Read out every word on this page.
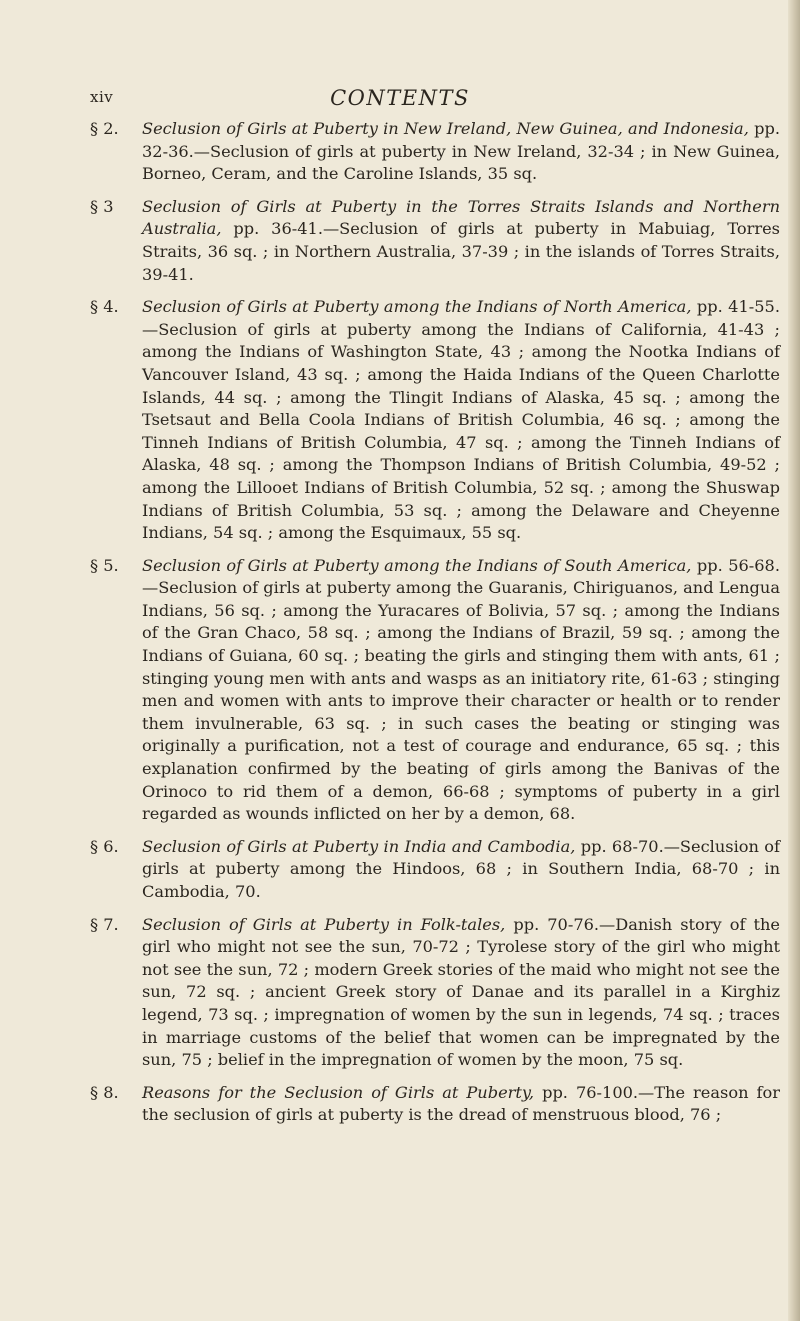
xiv	CONTENTS
§ 2.	Seclusion of Girls at Puberty in New Ireland, New Guinea, and Indonesia, pp. 32-36.—Seclusion of girls at puberty in New Ireland, 32-34 ; in New Guinea, Borneo, Ceram, and the Caroline Islands, 35 sq.
§ 3	Seclusion of Girls at Puberty in the Torres Straits Islands and Northern Australia, pp. 36-41.—Seclusion of girls at puberty in Mabuiag, Torres Straits, 36 sq. ; in Northern Australia, 37-39 ; in the islands of Torres Straits, 39-41.
§ 4.	Seclusion of Girls at Puberty among the Indians of North America, pp. 41-55.—Seclusion of girls at puberty among the Indians of California, 41-43 ; among the Indians of Washington State, 43 ; among the Nootka Indians of Vancouver Island, 43 sq. ; among the Haida Indians of the Queen Charlotte Islands, 44 sq. ; among the Tlingit Indians of Alaska, 45 sq. ; among the Tsetsaut and Bella Coola Indians of British Columbia, 46 sq. ; among the Tinneh Indians of British Columbia, 47 sq. ; among the Tinneh Indians of Alaska, 48 sq. ; among the Thompson Indians of British Columbia, 49-52 ; among the Lillooet Indians of British Columbia, 52 sq. ; among the Shuswap Indians of British Columbia, 53 sq. ; among the Delaware and Cheyenne Indians, 54 sq. ; among the Esquimaux, 55 sq.
§ 5.	Seclusion of Girls at Puberty among the Indians of South America, pp. 56-68.—Seclusion of girls at puberty among the Guaranis, Chiriguanos, and Lengua Indians, 56 sq. ; among the Yuracares of Bolivia, 57 sq. ; among the Indians of the Gran Chaco, 58 sq. ; among the Indians of Brazil, 59 sq. ; among the Indians of Guiana, 60 sq. ; beating the girls and stinging them with ants, 61 ; stinging young men with ants and wasps as an initiatory rite, 61-63 ; stinging men and women with ants to improve their character or health or to render them invulnerable, 63 sq. ; in such cases the beating or stinging was originally a purification, not a test of courage and endurance, 65 sq. ; this explanation confirmed by the beating of girls among the Banivas of the Orinoco to rid them of a demon, 66-68 ; symptoms of puberty in a girl regarded as wounds inflicted on her by a demon, 68.
§ 6.	Seclusion of Girls at Puberty in India and Cambodia, pp. 68-70.—Seclusion of girls at puberty among the Hindoos, 68 ; in Southern India, 68-70 ; in Cambodia, 70.
§ 7.	Seclusion of Girls at Puberty in Folk-tales, pp. 70-76.—Danish story of the girl who might not see the sun, 70-72 ; Tyrolese story of the girl who might not see the sun, 72 ; modern Greek stories of the maid who might not see the sun, 72 sq. ; ancient Greek story of Danae and its parallel in a Kirghiz legend, 73 sq. ; impregnation of women by the sun in legends, 74 sq. ; traces in marriage customs of the belief that women can be impregnated by the sun, 75 ; belief in the impregnation of women by the moon, 75 sq.
§ 8.	Reasons for the Seclusion of Girls at Puberty, pp. 76-100.—The reason for the seclusion of girls at puberty is the dread of menstruous blood, 76 ;
